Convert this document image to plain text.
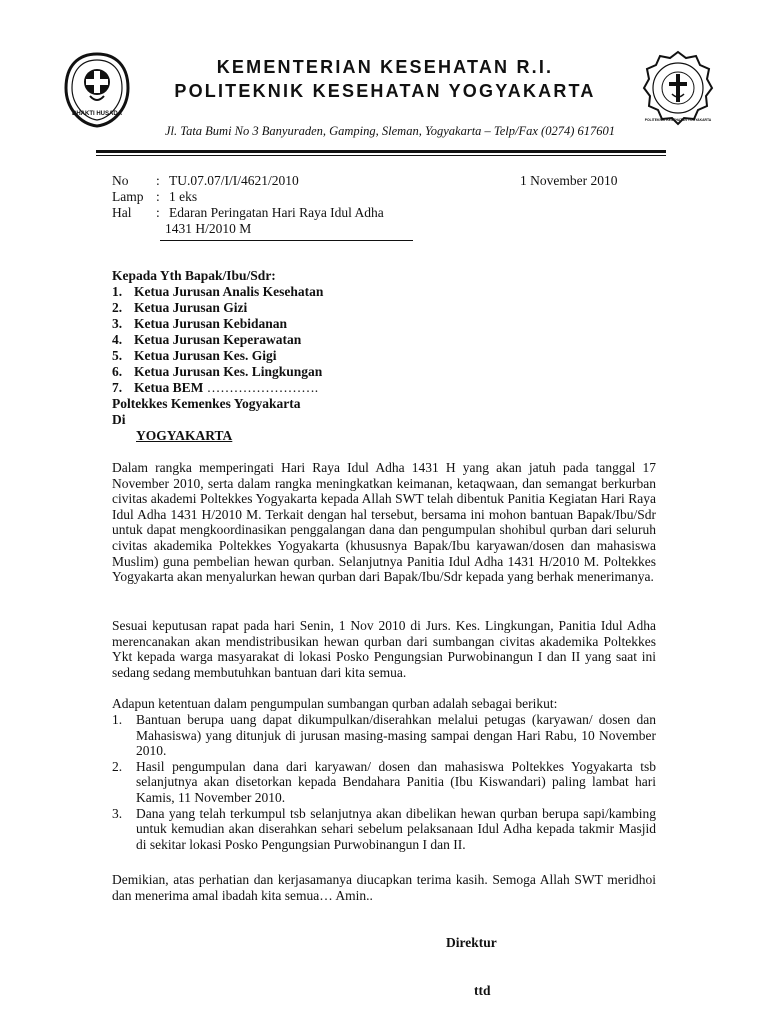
BHAKTI HUSADA
POLITEKNIK KESEHATAN YOGYAKARTA
KEMENTERIAN KESEHATAN R.I.
POLITEKNIK KESEHATAN YOGYAKARTA
Jl. Tata Bumi No 3 Banyuraden, Gamping, Sleman, Yogyakarta – Telp/Fax (0274) 617601
No : TU.07.07/I/I/4621/2010
Lamp : 1 eks
Hal : Edaran Peringatan Hari Raya Idul Adha
1431 H/2010 M
1 November 2010
Kepada Yth Bapak/Ibu/Sdr:
1. Ketua Jurusan Analis Kesehatan
2. Ketua Jurusan Gizi
3. Ketua Jurusan Kebidanan
4. Ketua Jurusan Keperawatan
5. Ketua Jurusan Kes. Gigi
6. Ketua Jurusan Kes. Lingkungan
7. Ketua BEM …………………….
Poltekkes Kemenkes Yogyakarta
Di
YOGYAKARTA
Dalam rangka memperingati Hari Raya Idul Adha 1431 H yang akan jatuh pada tanggal 17 November 2010, serta dalam rangka meningkatkan keimanan, ketaqwaan, dan semangat berkurban civitas akademi Poltekkes Yogyakarta kepada Allah SWT telah dibentuk Panitia Kegiatan Hari Raya Idul Adha 1431 H/2010 M. Terkait dengan hal tersebut, bersama ini mohon bantuan Bapak/Ibu/Sdr untuk dapat mengkoordinasikan penggalangan dana dan pengumpulan shohibul qurban dari seluruh civitas akademika Poltekkes Yogyakarta (khususnya Bapak/Ibu karyawan/dosen dan mahasiswa Muslim) guna pembelian hewan qurban. Selanjutnya Panitia Idul Adha 1431 H/2010 M. Poltekkes Yogyakarta akan menyalurkan hewan qurban dari Bapak/Ibu/Sdr kepada yang berhak menerimanya.
Sesuai keputusan rapat pada hari Senin, 1 Nov 2010 di Jurs. Kes. Lingkungan, Panitia Idul Adha merencanakan akan mendistribusikan hewan qurban dari sumbangan civitas akademika Poltekkes Ykt kepada warga masyarakat di lokasi Posko Pengungsian Purwobinangun I dan II yang saat ini sedang sedang membutuhkan bantuan dari kita semua.
Adapun ketentuan dalam pengumpulan sumbangan qurban adalah sebagai berikut:
1. Bantuan berupa uang dapat dikumpulkan/diserahkan melalui petugas (karyawan/ dosen dan Mahasiswa) yang ditunjuk di jurusan masing-masing sampai dengan Hari Rabu, 10 November 2010.
2. Hasil pengumpulan dana dari karyawan/ dosen dan mahasiswa Poltekkes Yogyakarta tsb selanjutnya akan disetorkan kepada Bendahara Panitia (Ibu Kiswandari) paling lambat hari Kamis, 11 November 2010.
3. Dana yang telah terkumpul tsb selanjutnya akan dibelikan hewan qurban berupa sapi/kambing untuk kemudian akan diserahkan sehari sebelum pelaksanaan Idul Adha kepada takmir Masjid di sekitar lokasi Posko Pengungsian Purwobinangun I dan II.
Demikian, atas perhatian dan kerjasamanya diucapkan terima kasih. Semoga Allah SWT meridhoi dan menerima amal ibadah kita semua… Amin..
Direktur
ttd
